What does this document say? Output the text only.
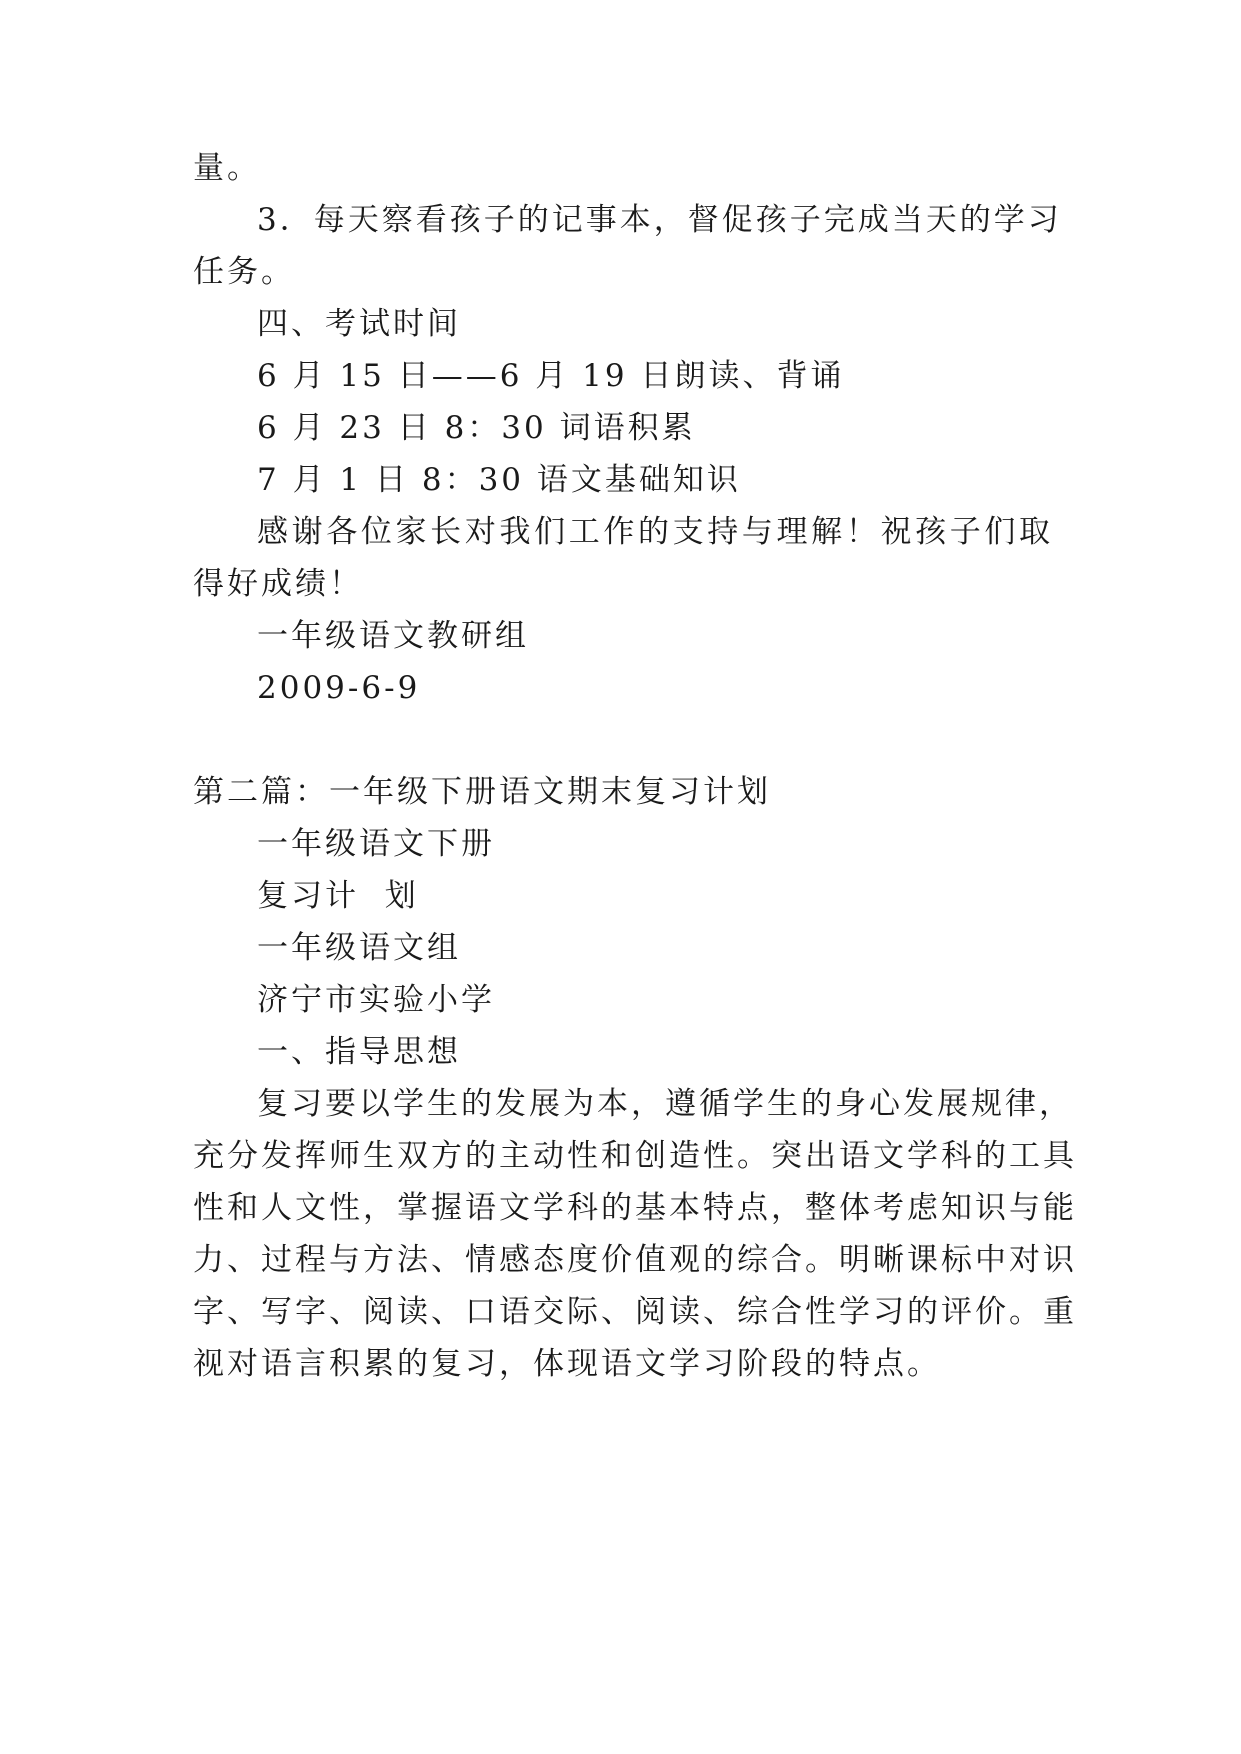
量。
3．每天察看孩子的记事本，督促孩子完成当天的学习
任务。
四、考试时间
6 月 15 日——6 月 19 日朗读、背诵
6 月 23 日 8：30 词语积累
7 月 1 日 8：30 语文基础知识
感谢各位家长对我们工作的支持与理解！祝孩子们取
得好成绩！
一年级语文教研组
2009-6-9
第二篇：一年级下册语文期末复习计划
一年级语文下册
复习计  划
一年级语文组
济宁市实验小学
一、指导思想
复习要以学生的发展为本，遵循学生的身心发展规律，
充分发挥师生双方的主动性和创造性。突出语文学科的工具
性和人文性，掌握语文学科的基本特点，整体考虑知识与能
力、过程与方法、情感态度价值观的综合。明晰课标中对识
字、写字、阅读、口语交际、阅读、综合性学习的评价。重
视对语言积累的复习，体现语文学习阶段的特点。
